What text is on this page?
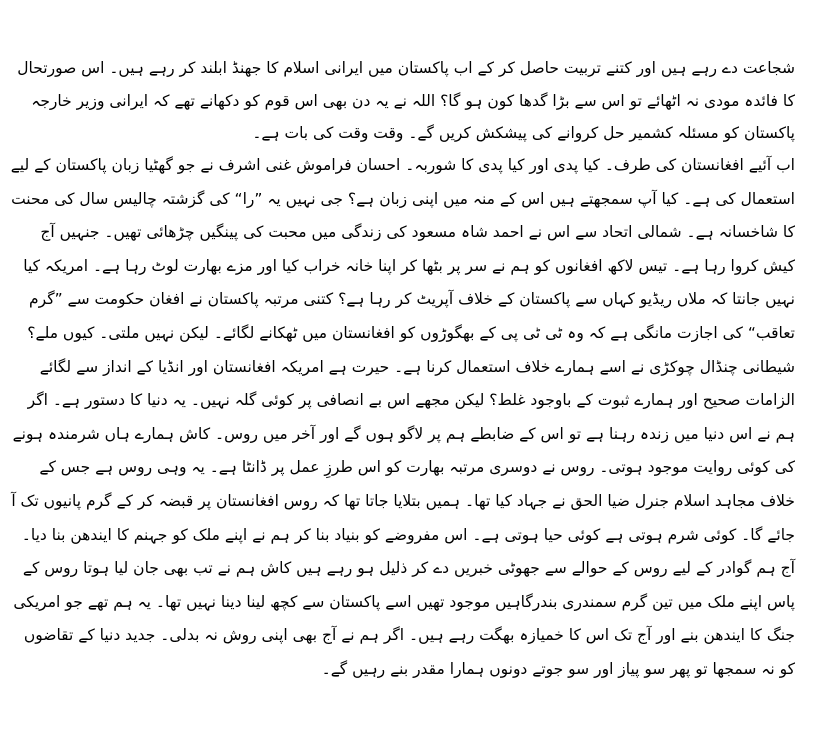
شجاعت دے رہے ہیں اور کتنے تربیت حاصل کر کے اب پاکستان میں ایرانی اسلام کا جھنڈ ابلند کر رہے ہیں۔ اس صورتحال کا فائدہ مودی نہ اٹھائے تو اس سے بڑا گدھا کون ہو گا؟ اللہ نے یہ دن بھی اس قوم کو دکھانے تھے کہ ایرانی وزیر خارجہ پاکستان کو مسئلہ کشمیر حل کروانے کی پیشکش کریں گے۔ وقت وقت کی بات ہے۔

اب آئیے افغانستان کی طرف۔ کیا پدی اور کیا پدی کا شوربہ۔ احسان فراموش غنی اشرف نے جو گھٹیا زبان پاکستان کے لیے استعمال کی ہے۔ کیا آپ سمجھتے ہیں اس کے منہ میں اپنی زبان ہے؟ جی نہیں یہ ”را“ کی گزشتہ چالیس سال کی محنت کا شاخسانہ ہے۔ شمالی اتحاد سے اس نے احمد شاہ مسعود کی زندگی میں محبت کی پینگیں چڑھائی تھیں۔ جنہیں آج کیش کروا رہا ہے۔ تیس لاکھ افغانوں کو ہم نے سر پر بٹھا کر اپنا خانہ خراب کیا اور مزے بھارت لوٹ رہا ہے۔ امریکہ کیا نہیں جانتا کہ ملاں ریڈیو کہاں سے پاکستان کے خلاف آپریٹ کر رہا ہے؟ کتنی مرتبہ پاکستان نے افغان حکومت سے ”گرم تعاقب“ کی اجازت مانگی ہے کہ وہ ٹی ٹی پی کے بھگوڑوں کو افغانستان میں ٹھکانے لگائے۔ لیکن نہیں ملتی۔ کیوں ملے؟ شیطانی چنڈال چوکڑی نے اسے ہمارے خلاف استعمال کرنا ہے۔ حیرت ہے امریکہ افغانستان اور انڈیا کے انداز سے لگائے الزامات صحیح اور ہمارے ثبوت کے باوجود غلط؟ لیکن مجھے اس بے انصافی پر کوئی گلہ نہیں۔ یہ دنیا کا دستور ہے۔ اگر ہم نے اس دنیا میں زندہ رہنا ہے تو اس کے ضابطے ہم پر لاگو ہوں گے اور آخر میں روس۔ کاش ہمارے ہاں شرمندہ ہونے کی کوئی روایت موجود ہوتی۔ روس نے دوسری مرتبہ بھارت کو اس طرزِ عمل پر ڈانٹا ہے۔ یہ وہی روس ہے جس کے خلاف مجاہد اسلام جنرل ضیا الحق نے جہاد کیا تھا۔ ہمیں بتلایا جاتا تھا کہ روس افغانستان پر قبضہ کر کے گرم پانیوں تک آ جائے گا۔ کوئی شرم ہوتی ہے کوئی حیا ہوتی ہے۔ اس مفروضے کو بنیاد بنا کر ہم نے اپنے ملک کو جہنم کا ایندھن بنا دیا۔ آج ہم گوادر کے لیے روس کے حوالے سے جھوٹی خبریں دے کر ذلیل ہو رہے ہیں کاش ہم نے تب بھی جان لیا ہوتا روس کے پاس اپنے ملک میں تین گرم سمندری بندرگاہیں موجود تھیں اسے پاکستان سے کچھ لینا دینا نہیں تھا۔ یہ ہم تھے جو امریکی جنگ کا ایندھن بنے اور آج تک اس کا خمیازہ بھگت رہے ہیں۔ اگر ہم نے آج بھی اپنی روش نہ بدلی۔ جدید دنیا کے تقاضوں کو نہ سمجھا تو پھر سو پیاز اور سو جوتے دونوں ہمارا مقدر بنے رہیں گے۔
